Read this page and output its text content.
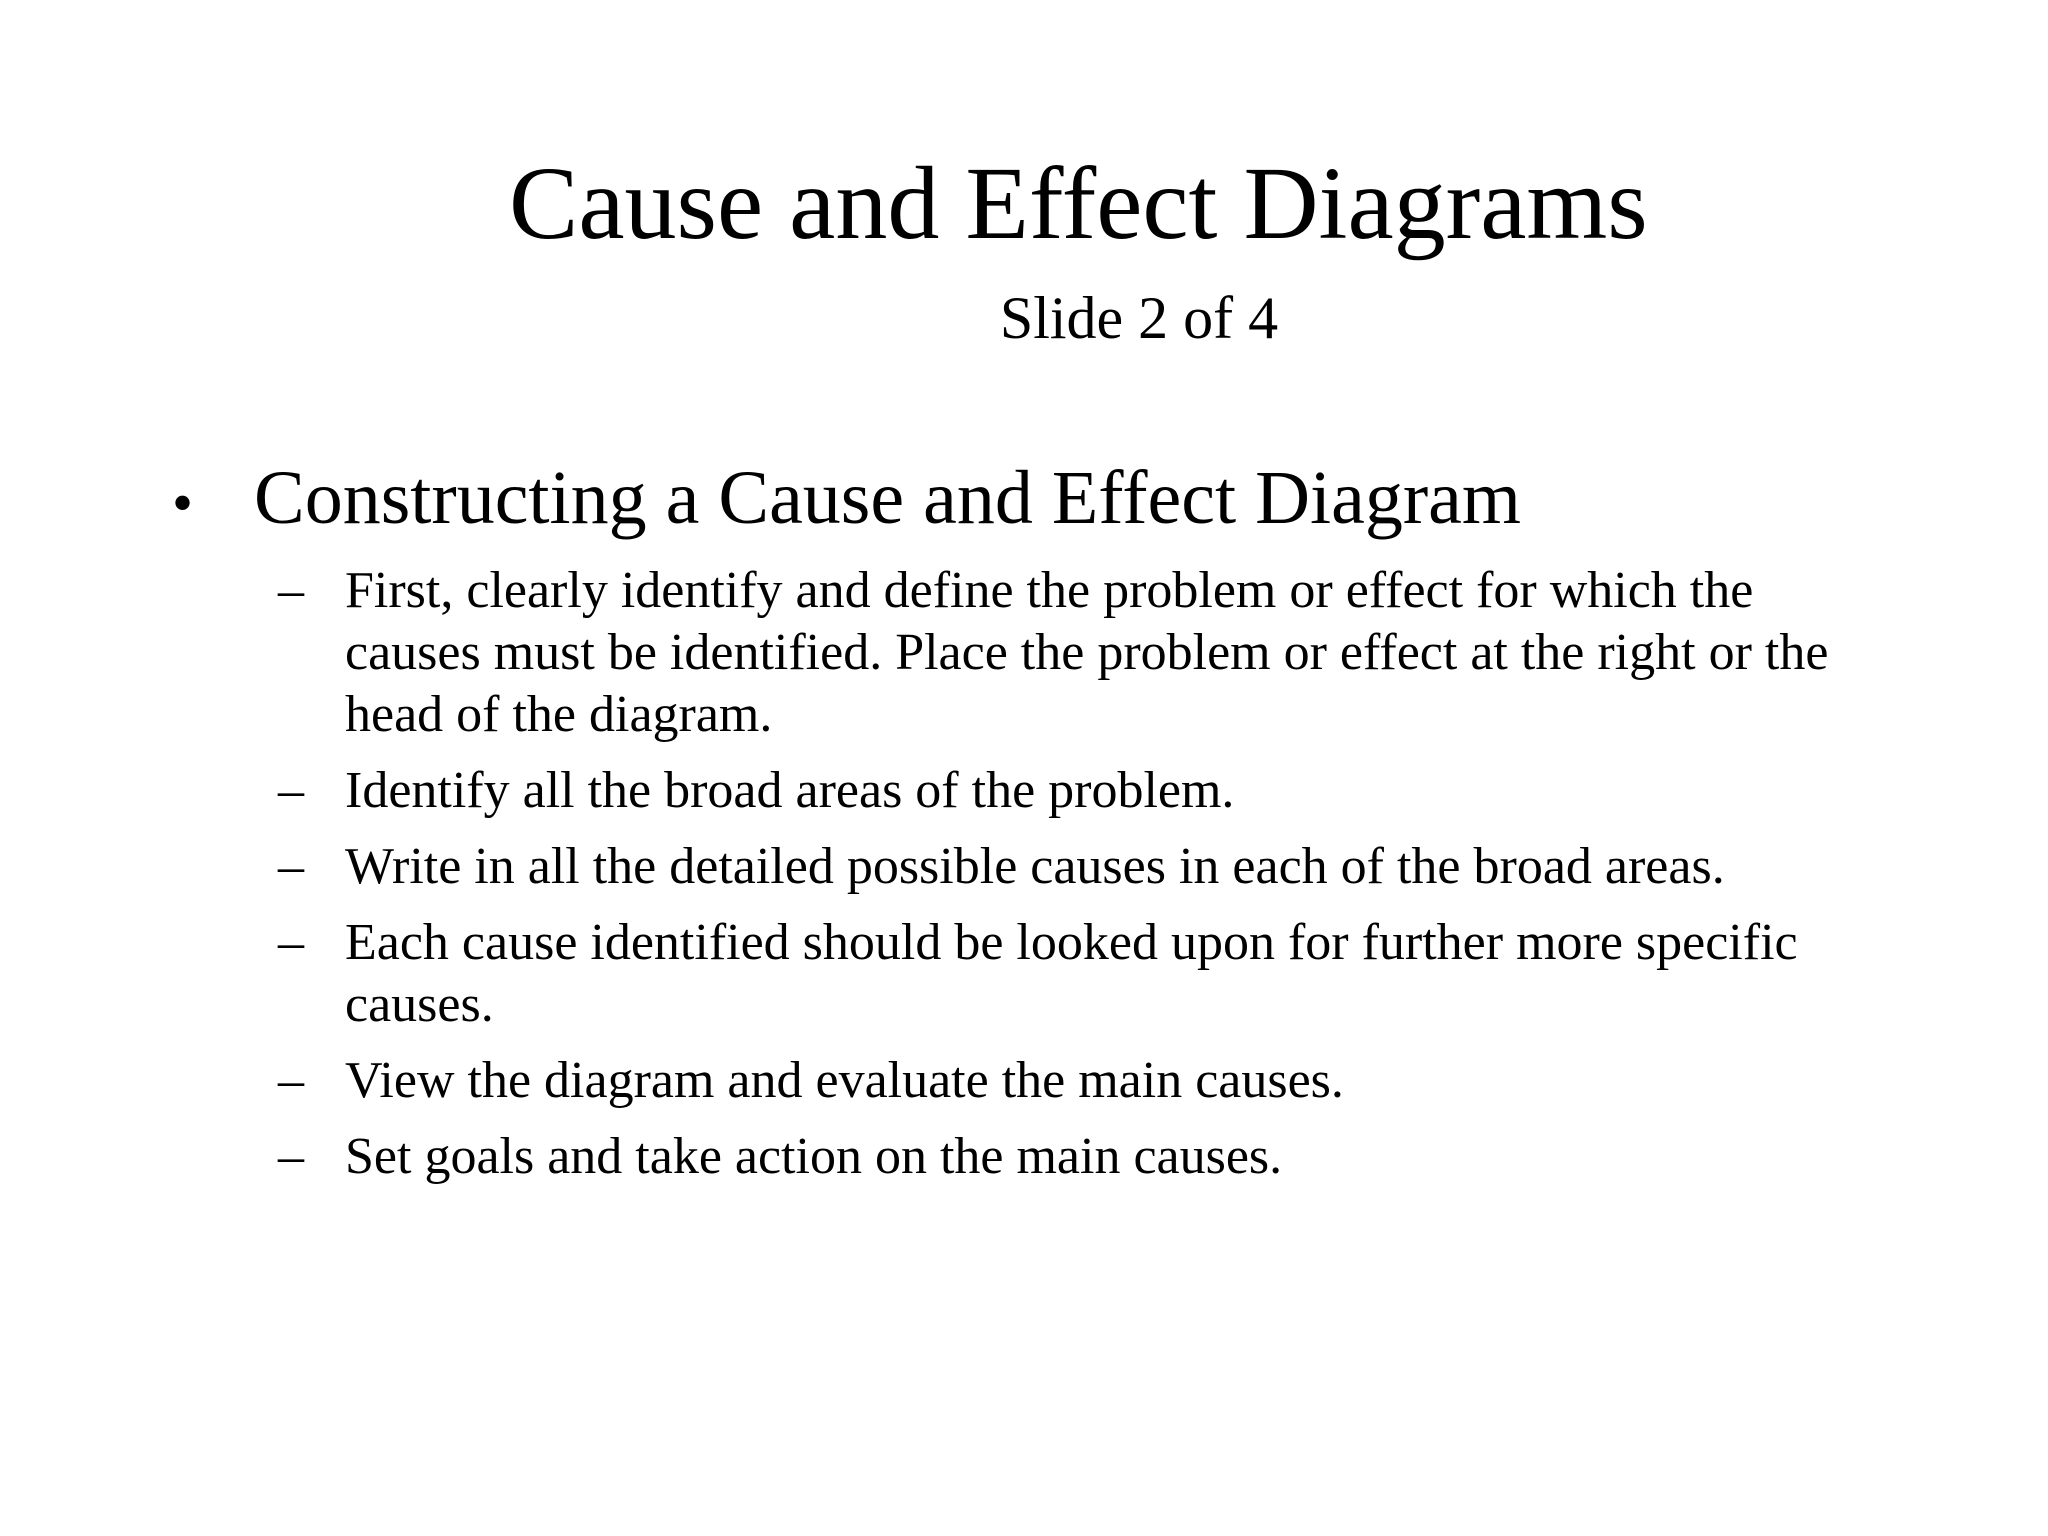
Cause and Effect Diagrams
Slide 2 of 4
• Constructing a Cause and Effect Diagram
– First, clearly identify and define the problem or effect for which the causes must be identified. Place the problem or effect at the right or the head of the diagram.
– Identify all the broad areas of the problem.
– Write in all the detailed possible causes in each of the broad areas.
– Each cause identified should be looked upon for further more specific causes.
– View the diagram and evaluate the main causes.
– Set goals and take action on the main causes.
